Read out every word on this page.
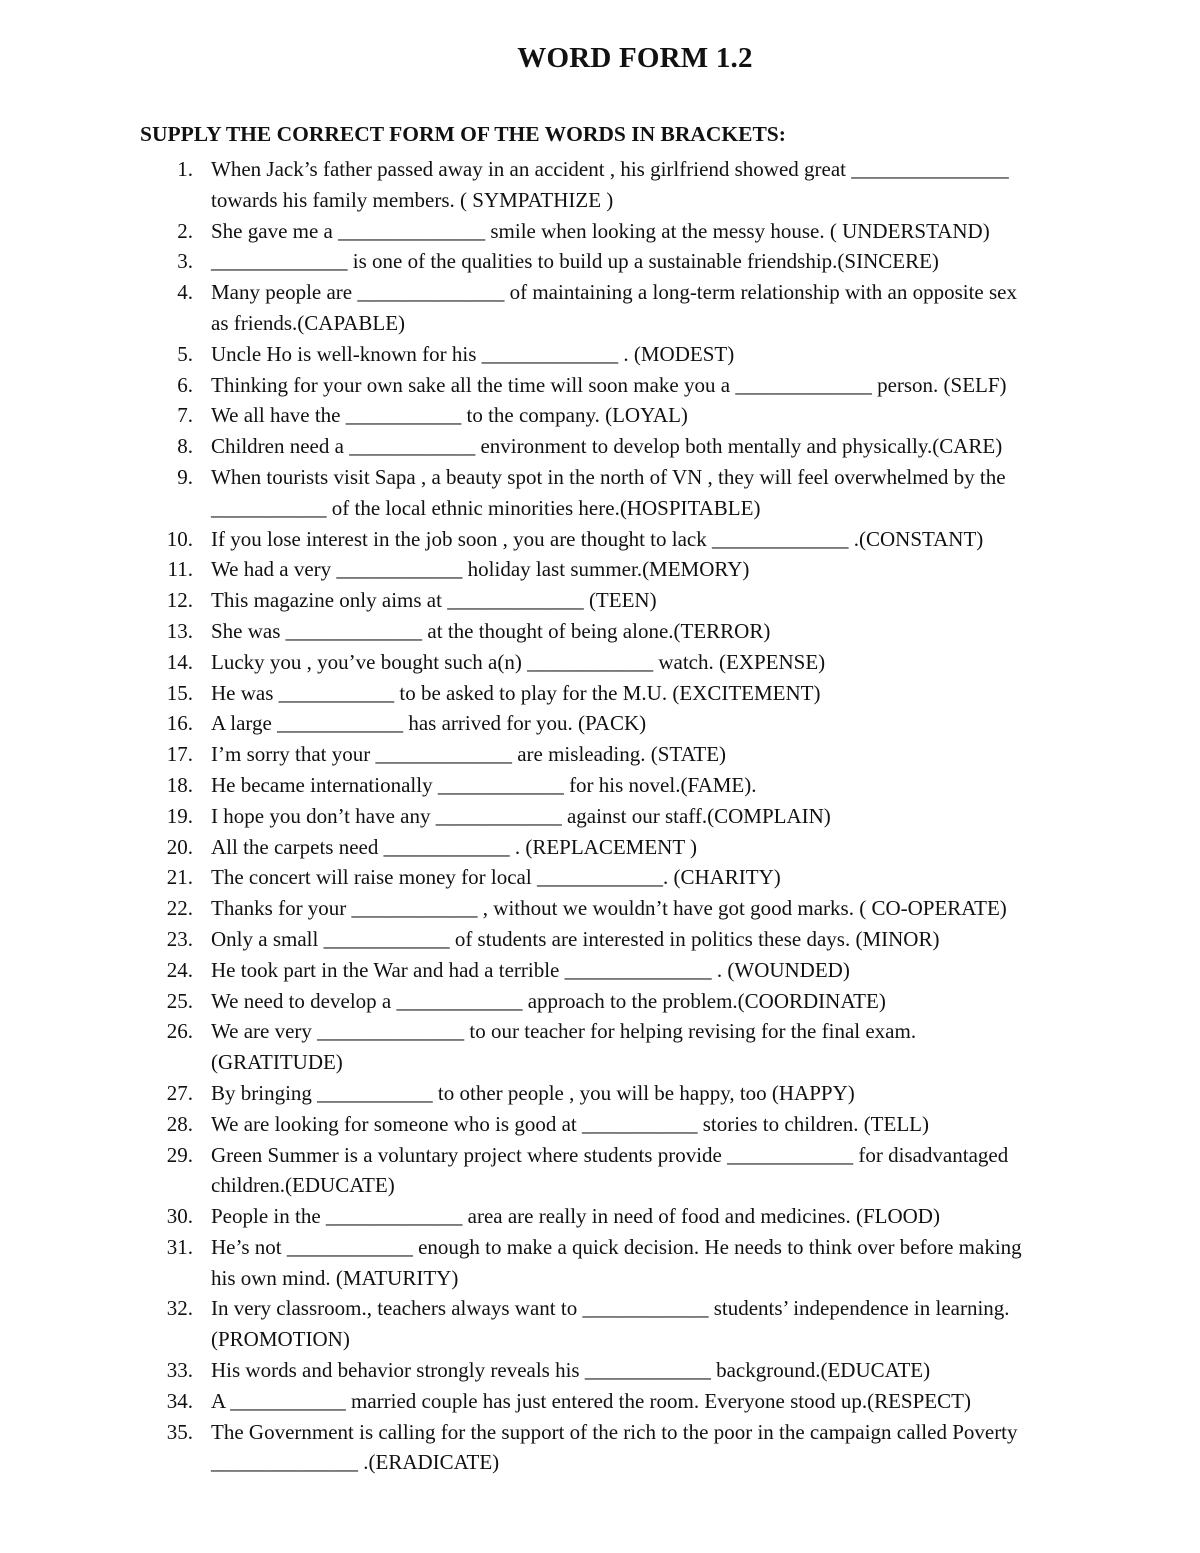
WORD FORM 1.2
SUPPLY THE CORRECT FORM OF THE WORDS IN BRACKETS:
1. When Jack’s father passed away in an accident , his girlfriend showed great _______________
towards his family members. ( SYMPATHIZE )
2. She gave me a ______________ smile when looking at the messy house. ( UNDERSTAND)
3. _____________ is one of the qualities to build up a sustainable friendship.(SINCERE)
4. Many people are ______________ of maintaining a long-term relationship with an opposite sex
as friends.(CAPABLE)
5. Uncle Ho is well-known for his _____________ . (MODEST)
6. Thinking for your own sake all the time will soon make you a _____________ person. (SELF)
7. We all have the ___________ to the company. (LOYAL)
8. Children need a ____________ environment to develop both mentally and physically.(CARE)
9. When tourists visit Sapa , a beauty spot in the north of VN , they will feel overwhelmed by the
___________ of the local ethnic minorities here.(HOSPITABLE)
10. If you lose interest in the job soon , you are thought to lack _____________ .(CONSTANT)
11. We had a very ____________ holiday last summer.(MEMORY)
12. This magazine only aims at _____________ (TEEN)
13. She was _____________ at the thought of being alone.(TERROR)
14. Lucky you , you’ve bought such a(n) ____________ watch. (EXPENSE)
15. He was ___________ to be asked to play for the M.U. (EXCITEMENT)
16. A large ____________ has arrived for you. (PACK)
17. I’m sorry that your _____________ are misleading. (STATE)
18. He became internationally ____________ for his novel.(FAME).
19. I hope you don’t have any ____________ against our staff.(COMPLAIN)
20. All the carpets need ____________ . (REPLACEMENT )
21. The concert will raise money for local ____________. (CHARITY)
22. Thanks for your ____________ , without we wouldn’t have got good marks. ( CO-OPERATE)
23. Only a small ____________ of students are interested in politics these days. (MINOR)
24. He took part in the War and had a terrible ______________ . (WOUNDED)
25. We need to develop a ____________ approach to the problem.(COORDINATE)
26. We are very ______________ to our teacher for helping revising for the final exam.
(GRATITUDE)
27. By bringing ___________ to other people , you will be happy, too (HAPPY)
28. We are looking for someone who is good at ___________ stories to children. (TELL)
29. Green Summer is a voluntary project where students provide ____________ for disadvantaged
children.(EDUCATE)
30. People in the _____________ area are really in need of food and medicines. (FLOOD)
31. He’s not ____________ enough to make a quick decision. He needs to think over before making
his own mind. (MATURITY)
32. In very classroom., teachers always want to ____________ students’ independence in learning.
(PROMOTION)
33. His words and behavior strongly reveals his ____________ background.(EDUCATE)
34. A ___________ married couple has just entered the room. Everyone stood up.(RESPECT)
35. The Government is calling for the support of the rich to the poor in the campaign called Poverty
______________ .(ERADICATE)
